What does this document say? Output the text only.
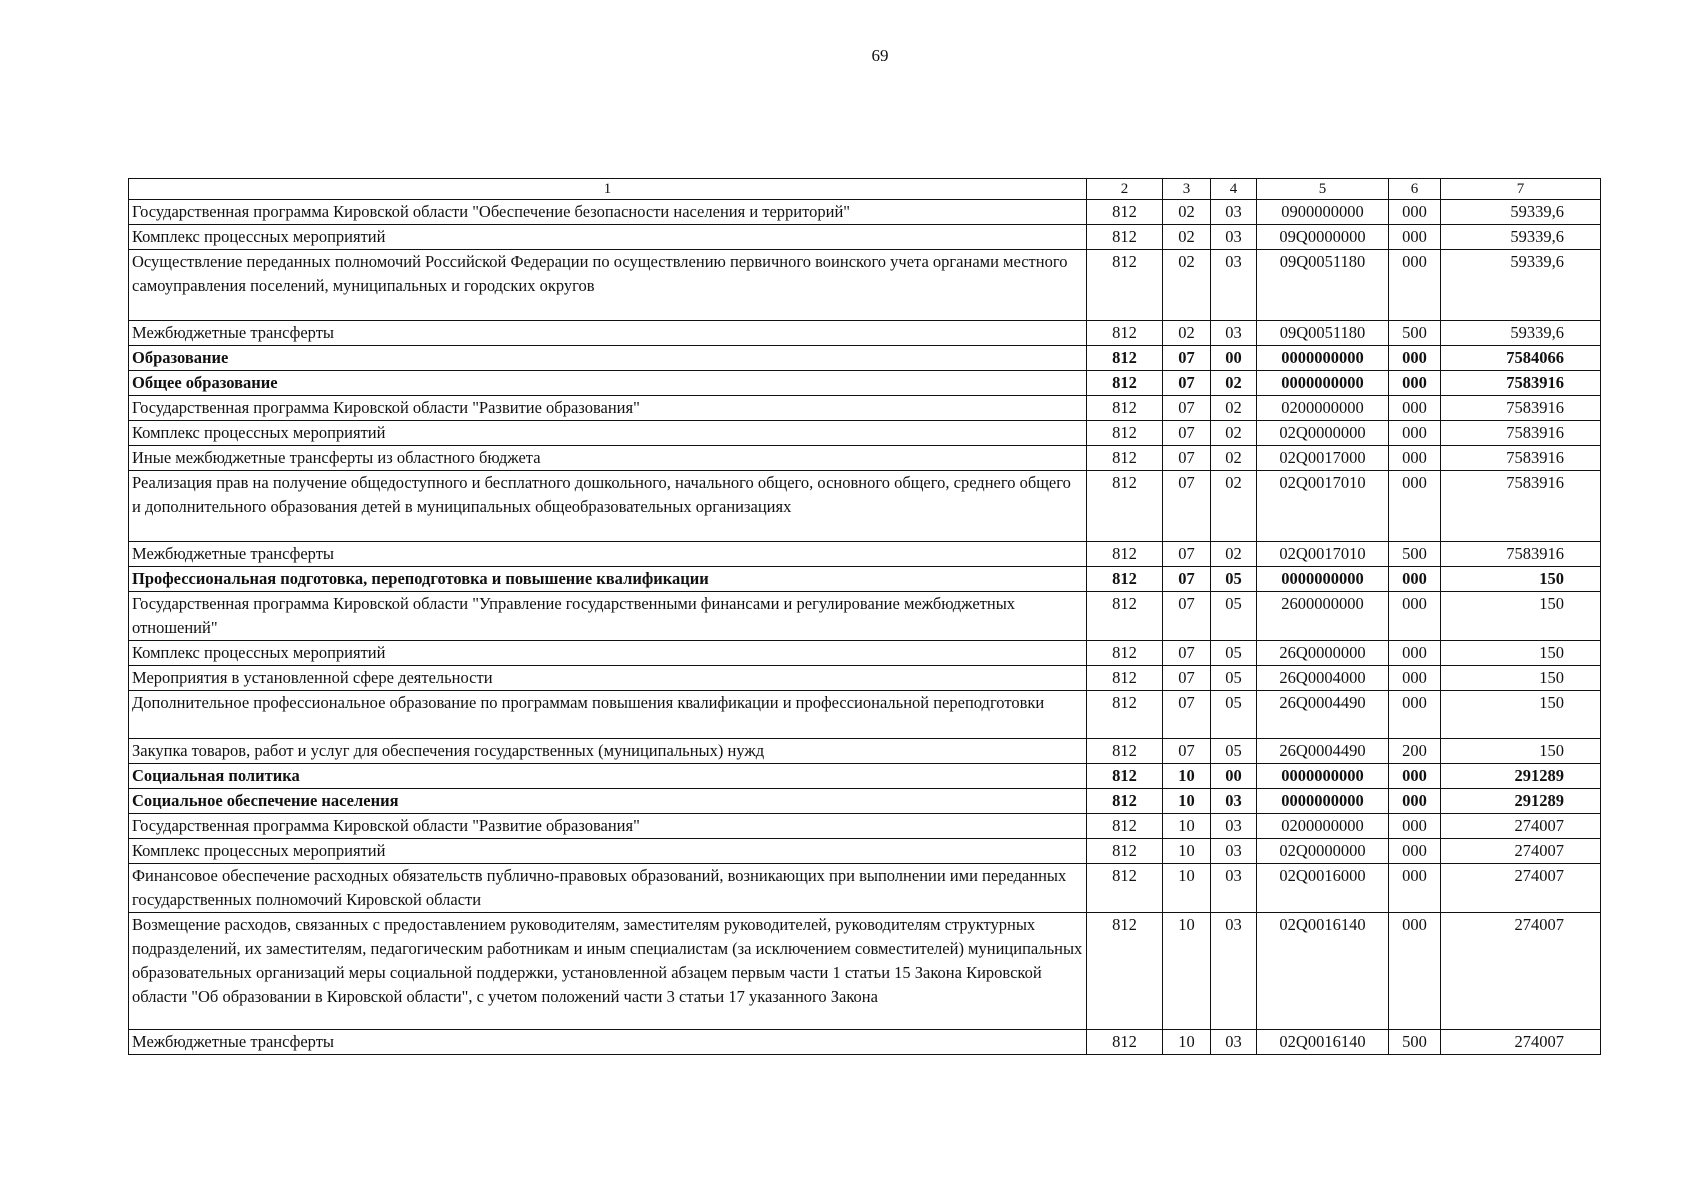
69
1	2	3	4	5	6	7
Государственная программа Кировской области "Обеспечение безопасности населения и территорий"	812	02	03	0900000000	000	59339,6
Комплекс процессных мероприятий	812	02	03	09Q0000000	000	59339,6
Осуществление переданных полномочий Российской Федерации по осуществлению первичного воинского учета органами местного самоуправления поселений, муниципальных и городских округов	812	02	03	09Q0051180	000	59339,6
Межбюджетные трансферты	812	02	03	09Q0051180	500	59339,6
Образование	812	07	00	0000000000	000	7584066
Общее образование	812	07	02	0000000000	000	7583916
Государственная программа Кировской области "Развитие образования"	812	07	02	0200000000	000	7583916
Комплекс процессных мероприятий	812	07	02	02Q0000000	000	7583916
Иные межбюджетные трансферты из областного бюджета	812	07	02	02Q0017000	000	7583916
Реализация прав на получение общедоступного и бесплатного дошкольного, начального общего, основного общего, среднего общего и дополнительного образования детей в муниципальных общеобразовательных организациях	812	07	02	02Q0017010	000	7583916
Межбюджетные трансферты	812	07	02	02Q0017010	500	7583916
Профессиональная подготовка, переподготовка и повышение квалификации	812	07	05	0000000000	000	150
Государственная программа Кировской области "Управление государственными финансами и регулирование межбюджетных отношений"	812	07	05	2600000000	000	150
Комплекс процессных мероприятий	812	07	05	26Q0000000	000	150
Мероприятия в установленной сфере деятельности	812	07	05	26Q0004000	000	150
Дополнительное профессиональное образование по программам повышения квалификации и профессиональной переподготовки	812	07	05	26Q0004490	000	150
Закупка товаров, работ и услуг для обеспечения государственных (муниципальных) нужд	812	07	05	26Q0004490	200	150
Социальная политика	812	10	00	0000000000	000	291289
Социальное обеспечение населения	812	10	03	0000000000	000	291289
Государственная программа Кировской области "Развитие образования"	812	10	03	0200000000	000	274007
Комплекс процессных мероприятий	812	10	03	02Q0000000	000	274007
Финансовое обеспечение расходных обязательств публично-правовых образований, возникающих при выполнении ими переданных государственных полномочий Кировской области	812	10	03	02Q0016000	000	274007
Возмещение расходов, связанных с предоставлением руководителям, заместителям руководителей, руководителям структурных подразделений, их заместителям, педагогическим работникам и иным специалистам (за исключением совместителей) муниципальных образовательных организаций меры социальной поддержки, установленной абзацем первым части 1 статьи 15 Закона Кировской области "Об образовании в Кировской области", с учетом положений части 3 статьи 17 указанного Закона	812	10	03	02Q0016140	000	274007
Межбюджетные трансферты	812	10	03	02Q0016140	500	274007
